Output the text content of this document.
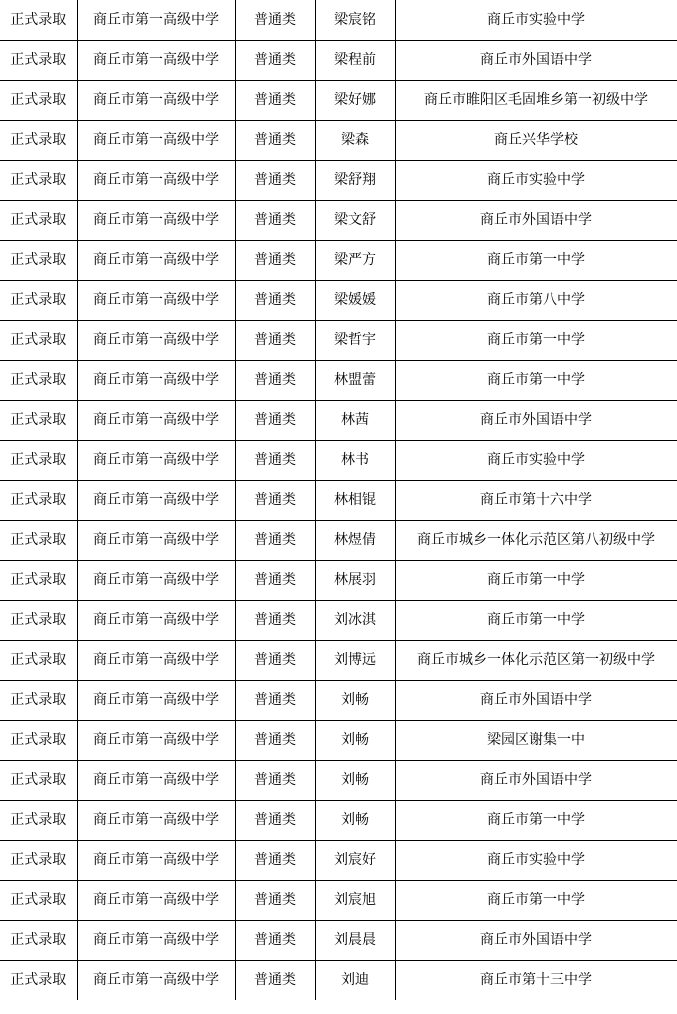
正式录取	商丘市第一高级中学	普通类	梁宸铭	商丘市实验中学
正式录取	商丘市第一高级中学	普通类	梁程前	商丘市外国语中学
正式录取	商丘市第一高级中学	普通类	梁好娜	商丘市睢阳区毛固堆乡第一初级中学
正式录取	商丘市第一高级中学	普通类	梁森	商丘兴华学校
正式录取	商丘市第一高级中学	普通类	梁舒翔	商丘市实验中学
正式录取	商丘市第一高级中学	普通类	梁文舒	商丘市外国语中学
正式录取	商丘市第一高级中学	普通类	梁严方	商丘市第一中学
正式录取	商丘市第一高级中学	普通类	梁媛媛	商丘市第八中学
正式录取	商丘市第一高级中学	普通类	梁哲宇	商丘市第一中学
正式录取	商丘市第一高级中学	普通类	林盟蕾	商丘市第一中学
正式录取	商丘市第一高级中学	普通类	林茜	商丘市外国语中学
正式录取	商丘市第一高级中学	普通类	林书	商丘市实验中学
正式录取	商丘市第一高级中学	普通类	林相锟	商丘市第十六中学
正式录取	商丘市第一高级中学	普通类	林煜倩	商丘市城乡一体化示范区第八初级中学
正式录取	商丘市第一高级中学	普通类	林展羽	商丘市第一中学
正式录取	商丘市第一高级中学	普通类	刘冰淇	商丘市第一中学
正式录取	商丘市第一高级中学	普通类	刘博远	商丘市城乡一体化示范区第一初级中学
正式录取	商丘市第一高级中学	普通类	刘畅	商丘市外国语中学
正式录取	商丘市第一高级中学	普通类	刘畅	梁园区谢集一中
正式录取	商丘市第一高级中学	普通类	刘畅	商丘市外国语中学
正式录取	商丘市第一高级中学	普通类	刘畅	商丘市第一中学
正式录取	商丘市第一高级中学	普通类	刘宸好	商丘市实验中学
正式录取	商丘市第一高级中学	普通类	刘宸旭	商丘市第一中学
正式录取	商丘市第一高级中学	普通类	刘晨晨	商丘市外国语中学
正式录取	商丘市第一高级中学	普通类	刘迪	商丘市第十三中学
